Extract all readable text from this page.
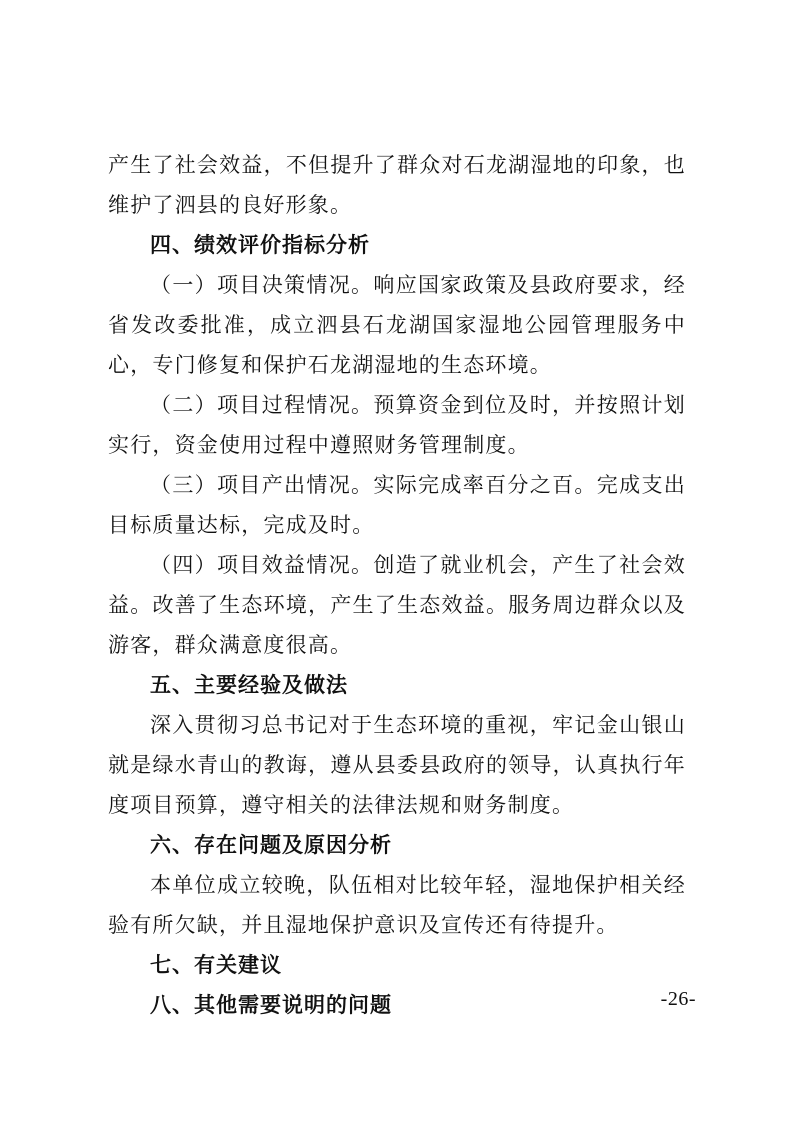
产生了社会效益，不但提升了群众对石龙湖湿地的印象，也维护了泗县的良好形象。

四、绩效评价指标分析

（一）项目决策情况。响应国家政策及县政府要求，经省发改委批准，成立泗县石龙湖国家湿地公园管理服务中心，专门修复和保护石龙湖湿地的生态环境。

（二）项目过程情况。预算资金到位及时，并按照计划实行，资金使用过程中遵照财务管理制度。

（三）项目产出情况。实际完成率百分之百。完成支出目标质量达标，完成及时。

（四）项目效益情况。创造了就业机会，产生了社会效益。改善了生态环境，产生了生态效益。服务周边群众以及游客，群众满意度很高。

五、主要经验及做法

深入贯彻习总书记对于生态环境的重视，牢记金山银山就是绿水青山的教诲，遵从县委县政府的领导，认真执行年度项目预算，遵守相关的法律法规和财务制度。

六、存在问题及原因分析

本单位成立较晚，队伍相对比较年轻，湿地保护相关经验有所欠缺，并且湿地保护意识及宣传还有待提升。

七、有关建议

八、其他需要说明的问题	-26-
